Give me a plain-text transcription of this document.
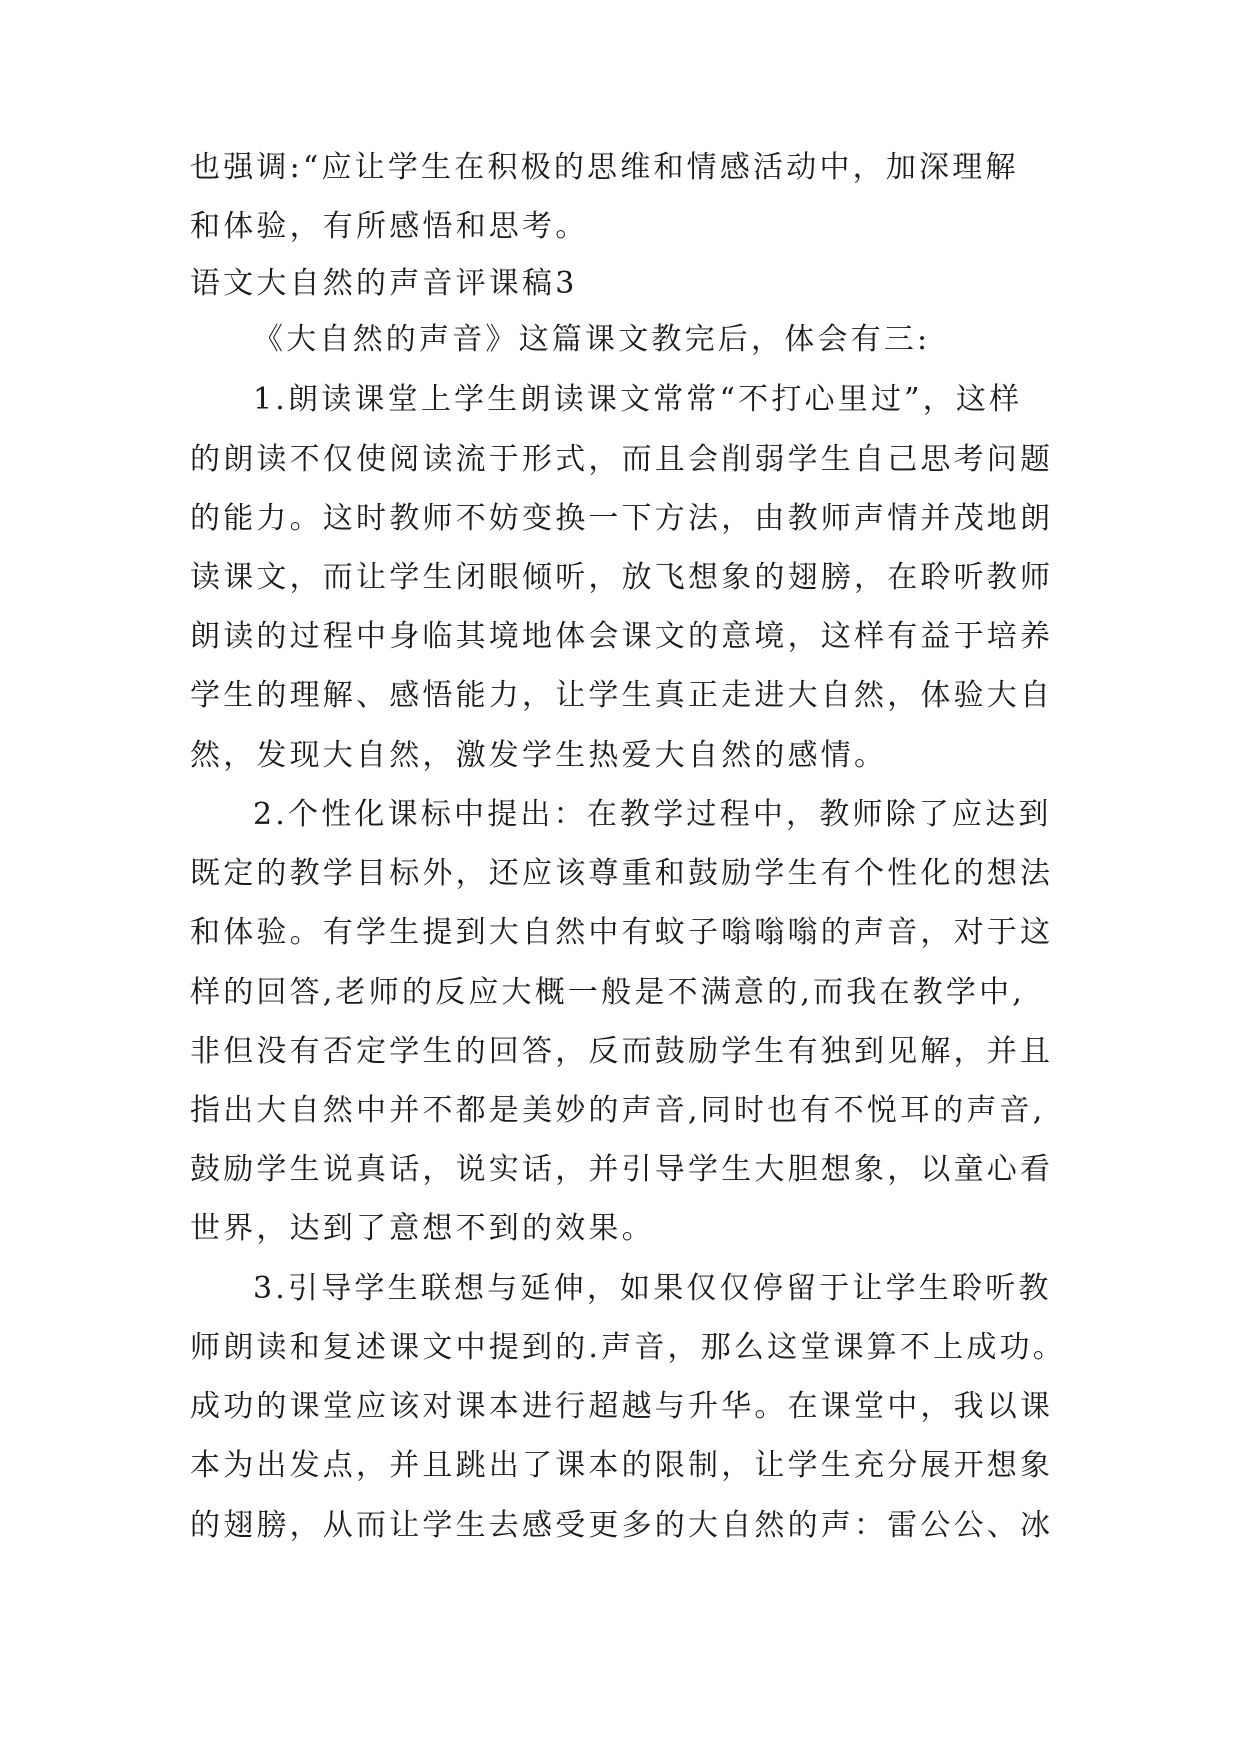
也强调:“应让学生在积极的思维和情感活动中，加深理解
和体验，有所感悟和思考。
语文大自然的声音评课稿3
《大自然的声音》这篇课文教完后，体会有三:
1.朗读课堂上学生朗读课文常常“不打心里过”，这样
的朗读不仅使阅读流于形式，而且会削弱学生自己思考问题
的能力。这时教师不妨变换一下方法，由教师声情并茂地朗
读课文，而让学生闭眼倾听，放飞想象的翅膀，在聆听教师
朗读的过程中身临其境地体会课文的意境，这样有益于培养
学生的理解、感悟能力，让学生真正走进大自然，体验大自
然，发现大自然，激发学生热爱大自然的感情。
2.个性化课标中提出：在教学过程中，教师除了应达到
既定的教学目标外，还应该尊重和鼓励学生有个性化的想法
和体验。有学生提到大自然中有蚊子嗡嗡嗡的声音，对于这
样的回答,老师的反应大概一般是不满意的,而我在教学中,
非但没有否定学生的回答，反而鼓励学生有独到见解，并且
指出大自然中并不都是美妙的声音,同时也有不悦耳的声音,
鼓励学生说真话，说实话，并引导学生大胆想象，以童心看
世界，达到了意想不到的效果。
3.引导学生联想与延伸，如果仅仅停留于让学生聆听教
师朗读和复述课文中提到的.声音，那么这堂课算不上成功。
成功的课堂应该对课本进行超越与升华。在课堂中，我以课
本为出发点，并且跳出了课本的限制，让学生充分展开想象
的翅膀，从而让学生去感受更多的大自然的声：雷公公、冰
